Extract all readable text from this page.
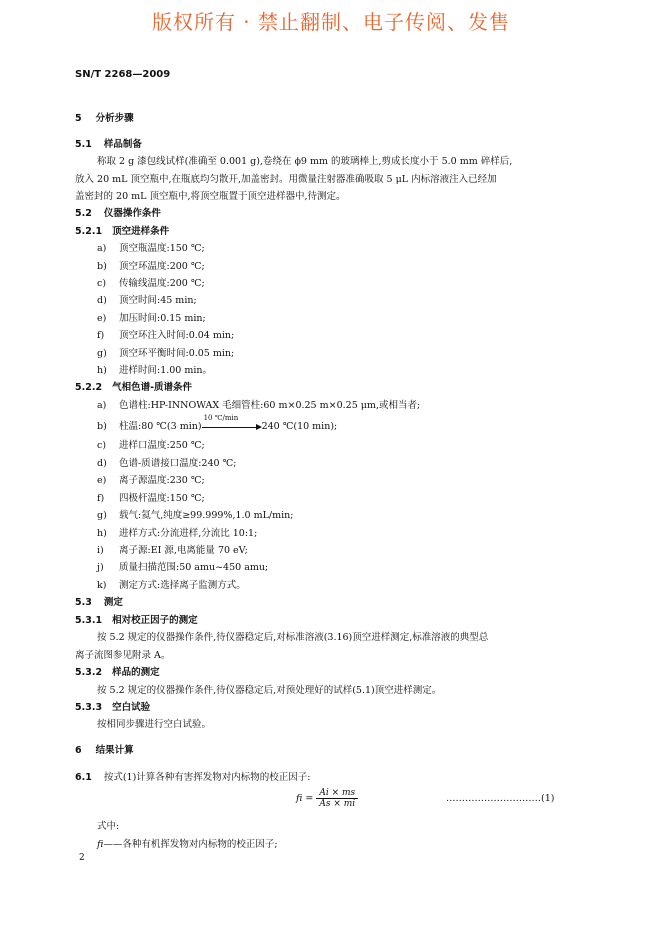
版权所有 · 禁止翻制、电子传阅、发售
SN/T 2268—2009
5 分析步骤
5.1 样品制备
称取 2 g 漆包线试样(准确至 0.001 g),卷绕在 ϕ9 mm 的玻璃棒上,剪成长度小于 5.0 mm 碎样后,
放入 20 mL 顶空瓶中,在瓶底均匀散开,加盖密封。用微量注射器准确吸取 5 μL 内标溶液注入已经加
盖密封的 20 mL 顶空瓶中,将顶空瓶置于顶空进样器中,待测定。
5.2 仪器操作条件
5.2.1 顶空进样条件
a) 顶空瓶温度:150 ℃;
b) 顶空环温度:200 ℃;
c) 传输线温度:200 ℃;
d) 顶空时间:45 min;
e) 加压时间:0.15 min;
f) 顶空环注入时间:0.04 min;
g) 顶空环平衡时间:0.05 min;
h) 进样时间:1.00 min。
5.2.2 气相色谱-质谱条件
a) 色谱柱:HP-INNOWAX 毛细管柱:60 m×0.25 m×0.25 μm,或相当者;
b) 柱温:80 ℃(3 min)
10 ℃/min
240 ℃(10 min);
c) 进样口温度:250 ℃;
d) 色谱-质谱接口温度:240 ℃;
e) 离子源温度:230 ℃;
f) 四极杆温度:150 ℃;
g) 载气:氦气,纯度≥99.999%,1.0 mL/min;
h) 进样方式:分流进样,分流比 10:1;
i) 离子源:EI 源,电离能量 70 eV;
j) 质量扫描范围:50 amu~450 amu;
k) 测定方式:选择离子监测方式。
5.3 测定
5.3.1 相对校正因子的测定
按 5.2 规定的仪器操作条件,待仪器稳定后,对标准溶液(3.16)顶空进样测定,标准溶液的典型总
离子流图参见附录 A。
5.3.2 样品的测定
按 5.2 规定的仪器操作条件,待仪器稳定后,对预处理好的试样(5.1)顶空进样测定。
5.3.3 空白试验
按相同步骤进行空白试验。
6 结果计算
6.1 按式(1)计算各种有害挥发物对内标物的校正因子:
fi = $\frac{Ai \times ms}{As \times mi}$	…………………………(1)
式中:
fi——各种有机挥发物对内标物的校正因子;
2
